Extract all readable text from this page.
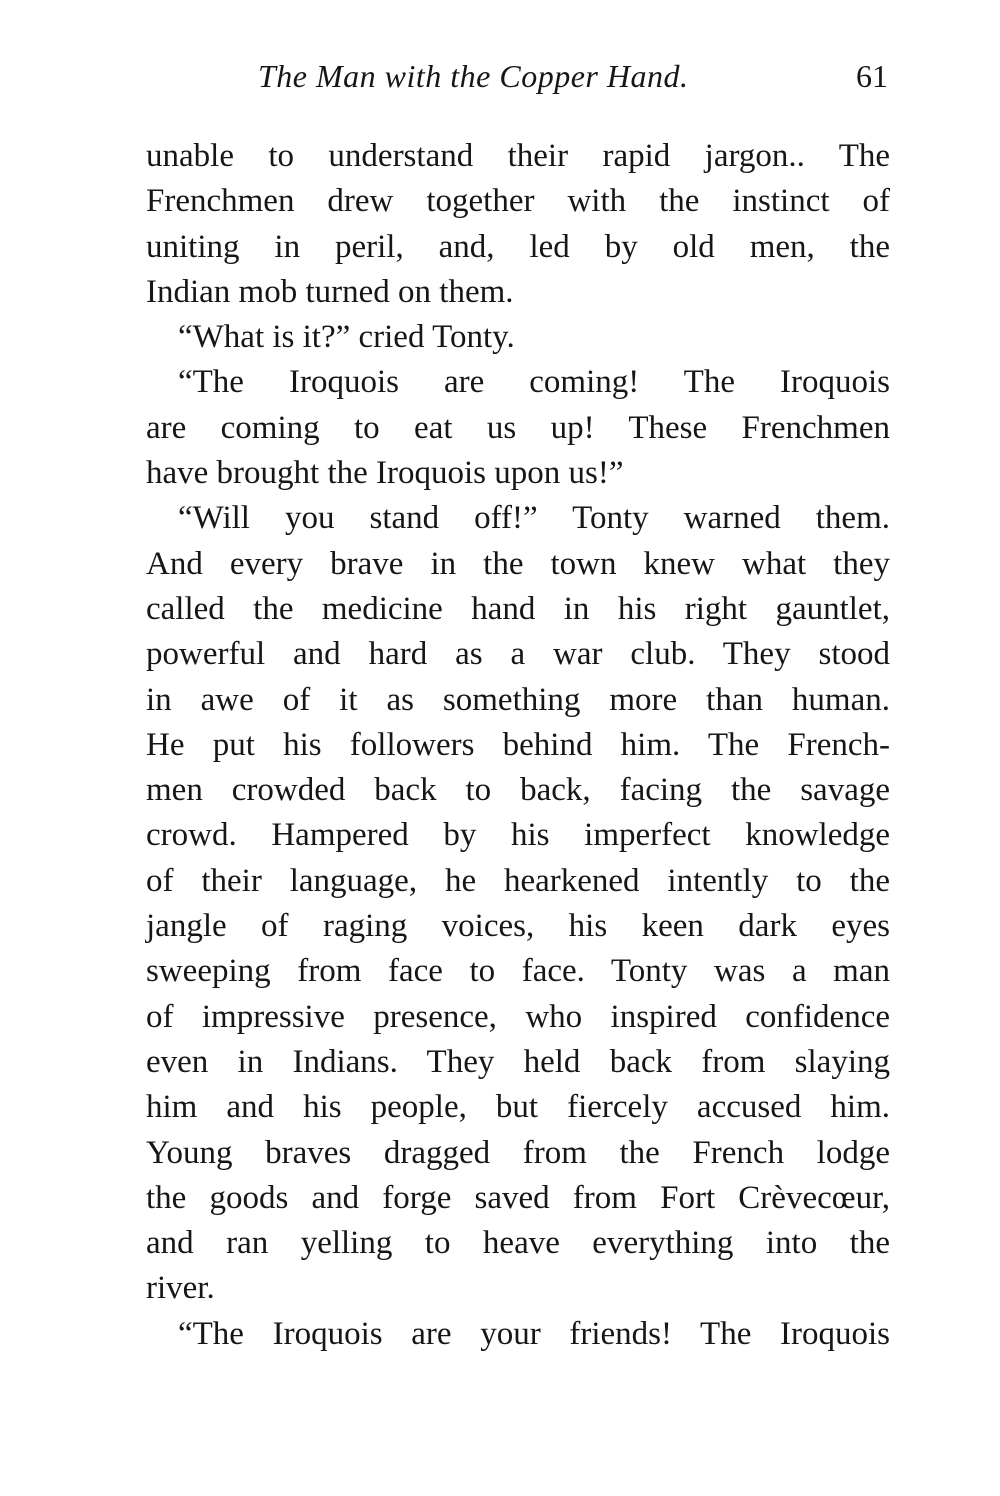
The Man with the Copper Hand.	61
unable to understand their rapid jargon.. The
Frenchmen drew together with the instinct of
uniting in peril, and, led by old men, the
Indian mob turned on them.
“What is it?” cried Tonty.
“The Iroquois are coming! The Iroquois
are coming to eat us up! These Frenchmen
have brought the Iroquois upon us!”
“Will you stand off!” Tonty warned them.
And every brave in the town knew what they
called the medicine hand in his right gauntlet,
powerful and hard as a war club. They stood
in awe of it as something more than human.
He put his followers behind him. The French-
men crowded back to back, facing the savage
crowd. Hampered by his imperfect knowledge
of their language, he hearkened intently to the
jangle of raging voices, his keen dark eyes
sweeping from face to face. Tonty was a man
of impressive presence, who inspired confidence
even in Indians. They held back from slaying
him and his people, but fiercely accused him.
Young braves dragged from the French lodge
the goods and forge saved from Fort Crèvecœur,
and ran yelling to heave everything into the
river.
“The Iroquois are your friends! The Iroquois
